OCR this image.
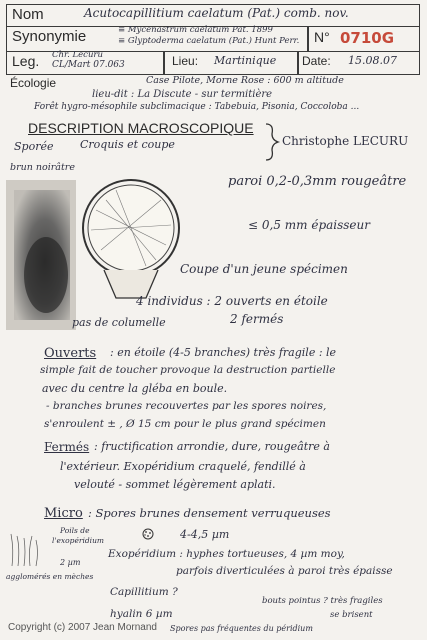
Nom	Acutocapillitium caelatum (Pat.) comb. nov.
Synonymie	≡ Mycenastrum caelatum Pat. 1899
≡ Glyptoderma caelatum (Pat.) Hunt Perr. N° 0710G
Leg. Chr. Lecuru
CL/Mart 07.063	Lieu: Martinique Date: 15.08.07
Écologie	Case Pilote, Morne Rose : 600 m altitude
lieu-dit : La Discute - sur termitière
Forêt hygro-mésophile subclimacique : Tabebuia, Pisonia, Coccoloba ...
DESCRIPTION MACROSCOPIQUE
Christophe LECURU
Sporée Croquis et coupe
brun noirâtre
paroi 0,2-0,3mm rougeâtre
≤ 0,5 mm épaisseur
Coupe d'un jeune spécimen
4 individus : 2 ouverts en étoile
2 fermés
pas de columelle
Ouverts : en étoile (4-5 branches) très fragile : le
simple fait de toucher provoque la destruction partielle
avec du centre la gléba en boule.
- branches brunes recouvertes par les spores noires,
s'enroulent ± , Ø 15 cm pour le plus grand spécimen
Fermés : fructification arrondie, dure, rougeâtre à
l'extérieur. Exopéridium craquelé, fendillé à
velouté - sommet légèrement aplati.
Micro : Spores brunes densement verruqueuses
4-4,5 µm
Exopéridium : hyphes tortueuses, 4 µm moy,
parfois diverticulées à paroi très épaisse
Capillitium ?
hyalin 6 µm
bouts pointus ? très fragiles
se brisent
Poils de
l'exopéridium
2 µm
agglomérés en mèches
Spores pas fréquentes du péridium
Copyright (c) 2007 Jean Mornand
